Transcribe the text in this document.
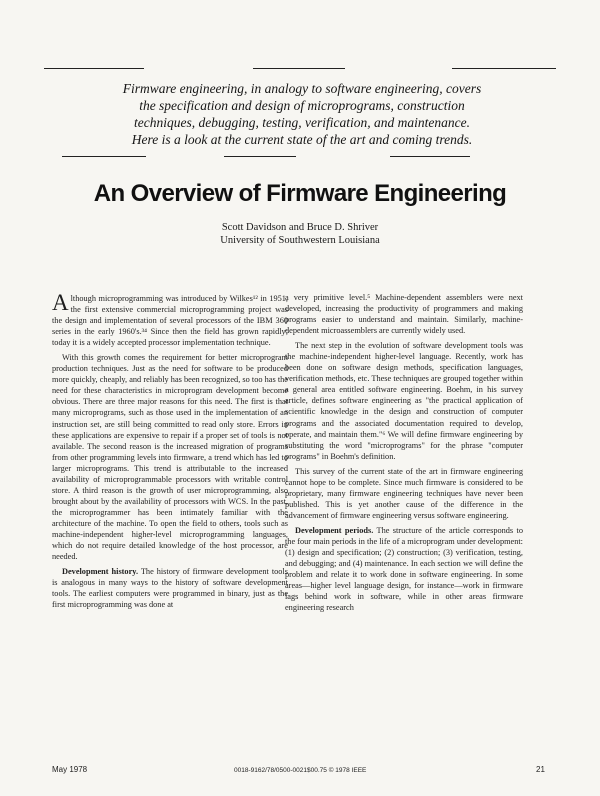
Firmware engineering, in analogy to software engineering, covers
the specification and design of microprograms, construction
techniques, debugging, testing, verification, and maintenance.
Here is a look at the current state of the art and coming trends.
An Overview of Firmware Engineering
Scott Davidson and Bruce D. Shriver
University of Southwestern Louisiana

Although microprogramming was introduced by Wilkes¹² in 1951, the first extensive commercial microprogramming project was the design and implementation of several processors of the IBM 360 series in the early 1960's.³⁴ Since then the field has grown rapidly; today it is a widely accepted processor implementation technique.

With this growth comes the requirement for better microprogram production techniques. Just as the need for software to be produced more quickly, cheaply, and reliably has been recognized, so too has the need for these characteristics in microprogram development become obvious. There are three major reasons for this need. The first is that many microprograms, such as those used in the implementation of an instruction set, are still being committed to read only store. Errors in these applications are expensive to repair if a proper set of tools is not available. The second reason is the increased migration of programs from other programming levels into firmware, a trend which has led to larger microprograms. This trend is attributable to the increased availability of microprogrammable processors with writable control store. A third reason is the growth of user microprogramming, also brought about by the availability of processors with WCS. In the past, the microprogrammer has been intimately familiar with the architecture of the machine. To open the field to others, tools such as machine-independent higher-level microprogramming languages, which do not require detailed knowledge of the host processor, are needed.

Development history. The history of firmware development tools is analogous in many ways to the history of software development tools. The earliest computers were programmed in binary, just as the first microprogramming was done at

a very primitive level.⁵ Machine-dependent assemblers were next developed, increasing the productivity of programmers and making programs easier to understand and maintain. Similarly, machine-dependent microassemblers are currently widely used.

The next step in the evolution of software development tools was the machine-independent higher-level language. Recently, work has been done on software design methods, specification languages, verification methods, etc. These techniques are grouped together within a general area entitled software engineering. Boehm, in his survey article, defines software engineering as "the practical application of scientific knowledge in the design and construction of computer programs and the associated documentation required to develop, operate, and maintain them."⁶ We will define firmware engineering by substituting the word "microprograms" for the phrase "computer programs" in Boehm's definition.

This survey of the current state of the art in firmware engineering cannot hope to be complete. Since much firmware is considered to be proprietary, many firmware engineering techniques have never been published. This is yet another cause of the difference in the advancement of firmware engineering versus software engineering.

Development periods. The structure of the article corresponds to the four main periods in the life of a microprogram under development: (1) design and specification; (2) construction; (3) verification, testing, and debugging; and (4) maintenance. In each section we will define the problem and relate it to work done in software engineering. In some areas—higher level language design, for instance—work in firmware lags behind work in software, while in other areas firmware engineering research

May 1978	0018-9162/78/0500-0021$00.75 © 1978 IEEE	21
